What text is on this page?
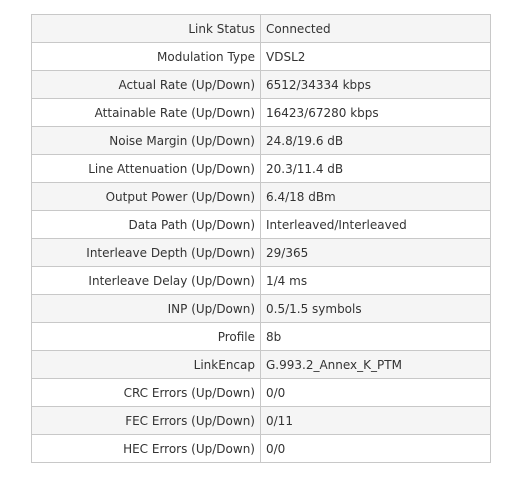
Link Status	Connected
Modulation Type	VDSL2
Actual Rate (Up/Down)	6512/34334 kbps
Attainable Rate (Up/Down)	16423/67280 kbps
Noise Margin (Up/Down)	24.8/19.6 dB
Line Attenuation (Up/Down)	20.3/11.4 dB
Output Power (Up/Down)	6.4/18 dBm
Data Path (Up/Down)	Interleaved/Interleaved
Interleave Depth (Up/Down)	29/365
Interleave Delay (Up/Down)	1/4 ms
INP (Up/Down)	0.5/1.5 symbols
Profile	8b
LinkEncap	G.993.2_Annex_K_PTM
CRC Errors (Up/Down)	0/0
FEC Errors (Up/Down)	0/11
HEC Errors (Up/Down)	0/0
